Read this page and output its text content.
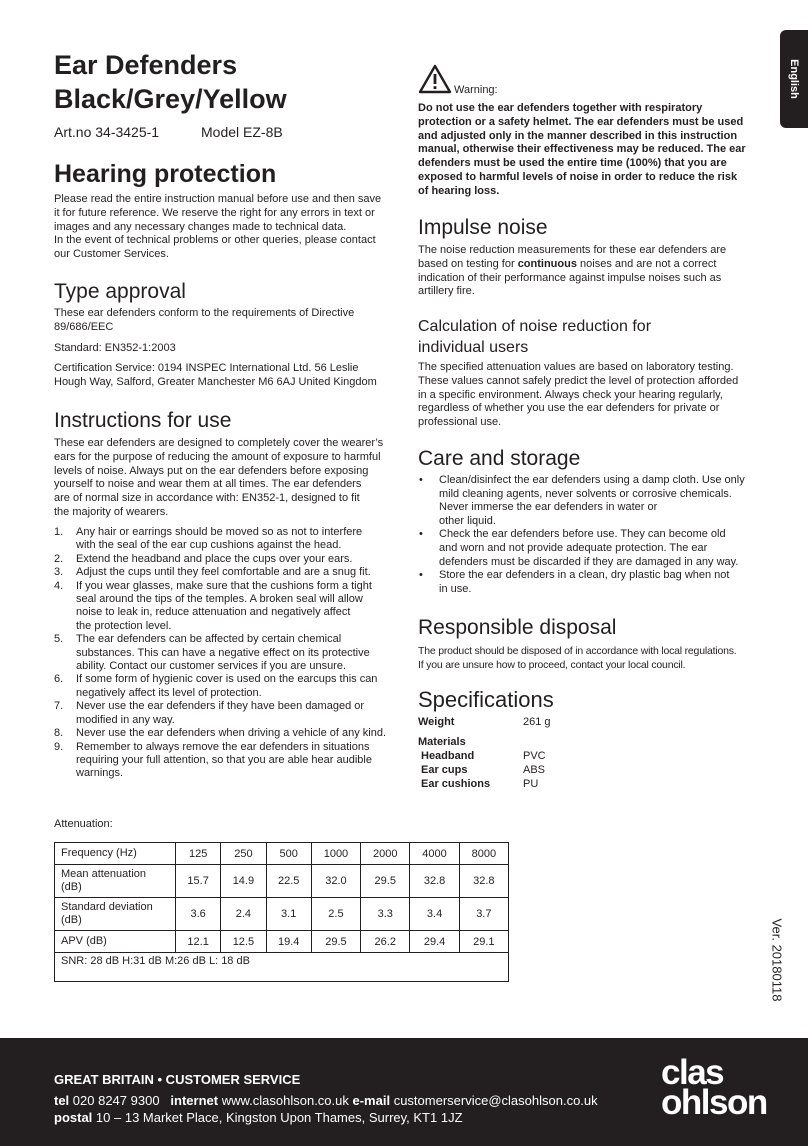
English
Ear Defenders
Black/Grey/Yellow
Art.no 34-3425-1	Model EZ-8B
Hearing protection
Please read the entire instruction manual before use and then save
it for future reference. We reserve the right for any errors in text or
images and any necessary changes made to technical data.
In the event of technical problems or other queries, please contact
our Customer Services.
Type approval
These ear defenders conform to the requirements of Directive
89/686/EEC
Standard: EN352-1:2003
Certification Service: 0194 INSPEC International Ltd. 56 Leslie
Hough Way, Salford, Greater Manchester M6 6AJ United Kingdom
Instructions for use
These ear defenders are designed to completely cover the wearer’s
ears for the purpose of reducing the amount of exposure to harmful
levels of noise. Always put on the ear defenders before exposing
yourself to noise and wear them at all times. The ear defenders
are of normal size in accordance with: EN352-1, designed to fit
the majority of wearers.
1. Any hair or earrings should be moved so as not to interfere
with the seal of the ear cup cushions against the head.
2. Extend the headband and place the cups over your ears.
3. Adjust the cups until they feel comfortable and are a snug fit.
4. If you wear glasses, make sure that the cushions form a tight
seal around the tips of the temples. A broken seal will allow
noise to leak in, reduce attenuation and negatively affect
the protection level.
5. The ear defenders can be affected by certain chemical
substances. This can have a negative effect on its protective
ability. Contact our customer services if you are unsure.
6. If some form of hygienic cover is used on the earcups this can
negatively affect its level of protection.
7. Never use the ear defenders if they have been damaged or
modified in any way.
8. Never use the ear defenders when driving a vehicle of any kind.
9. Remember to always remove the ear defenders in situations
requiring your full attention, so that you are able hear audible
warnings.
Warning:
Do not use the ear defenders together with respiratory
protection or a safety helmet. The ear defenders must be used
and adjusted only in the manner described in this instruction
manual, otherwise their effectiveness may be reduced. The ear
defenders must be used the entire time (100%) that you are
exposed to harmful levels of noise in order to reduce the risk
of hearing loss.
Impulse noise
The noise reduction measurements for these ear defenders are
based on testing for continuous noises and are not a correct
indication of their performance against impulse noises such as
artillery fire.
Calculation of noise reduction for
individual users
The specified attenuation values are based on laboratory testing.
These values cannot safely predict the level of protection afforded
in a specific environment. Always check your hearing regularly,
regardless of whether you use the ear defenders for private or
professional use.
Care and storage
• Clean/disinfect the ear defenders using a damp cloth. Use only
mild cleaning agents, never solvents or corrosive chemicals.
Never immerse the ear defenders in water or
other liquid.
• Check the ear defenders before use. They can become old
and worn and not provide adequate protection. The ear
defenders must be discarded if they are damaged in any way.
• Store the ear defenders in a clean, dry plastic bag when not
in use.
Responsible disposal
The product should be disposed of in accordance with local regulations.
If you are unsure how to proceed, contact your local council.
Specifications
Weight	261 g
Materials
Headband	PVC
Ear cups	ABS
Ear cushions	PU
Attenuation:
Frequency (Hz)	125	250	500	1000	2000	4000	8000
Mean attenuation (dB)	15.7	14.9	22.5	32.0	29.5	32.8	32.8
Standard deviation (dB)	3.6	2.4	3.1	2.5	3.3	3.4	3.7
APV (dB)	12.1	12.5	19.4	29.5	26.2	29.4	29.1
SNR: 28 dB H:31 dB M:26 dB L: 18 dB								Ver. 20180118
GREAT BRITAIN • CUSTOMER SERVICE
tel 020 8247 9300 internet www.clasohlson.co.uk e-mail customerservice@clasohlson.co.uk
postal 10 – 13 Market Place, Kingston Upon Thames, Surrey, KT1 1JZ
clas
ohlson
